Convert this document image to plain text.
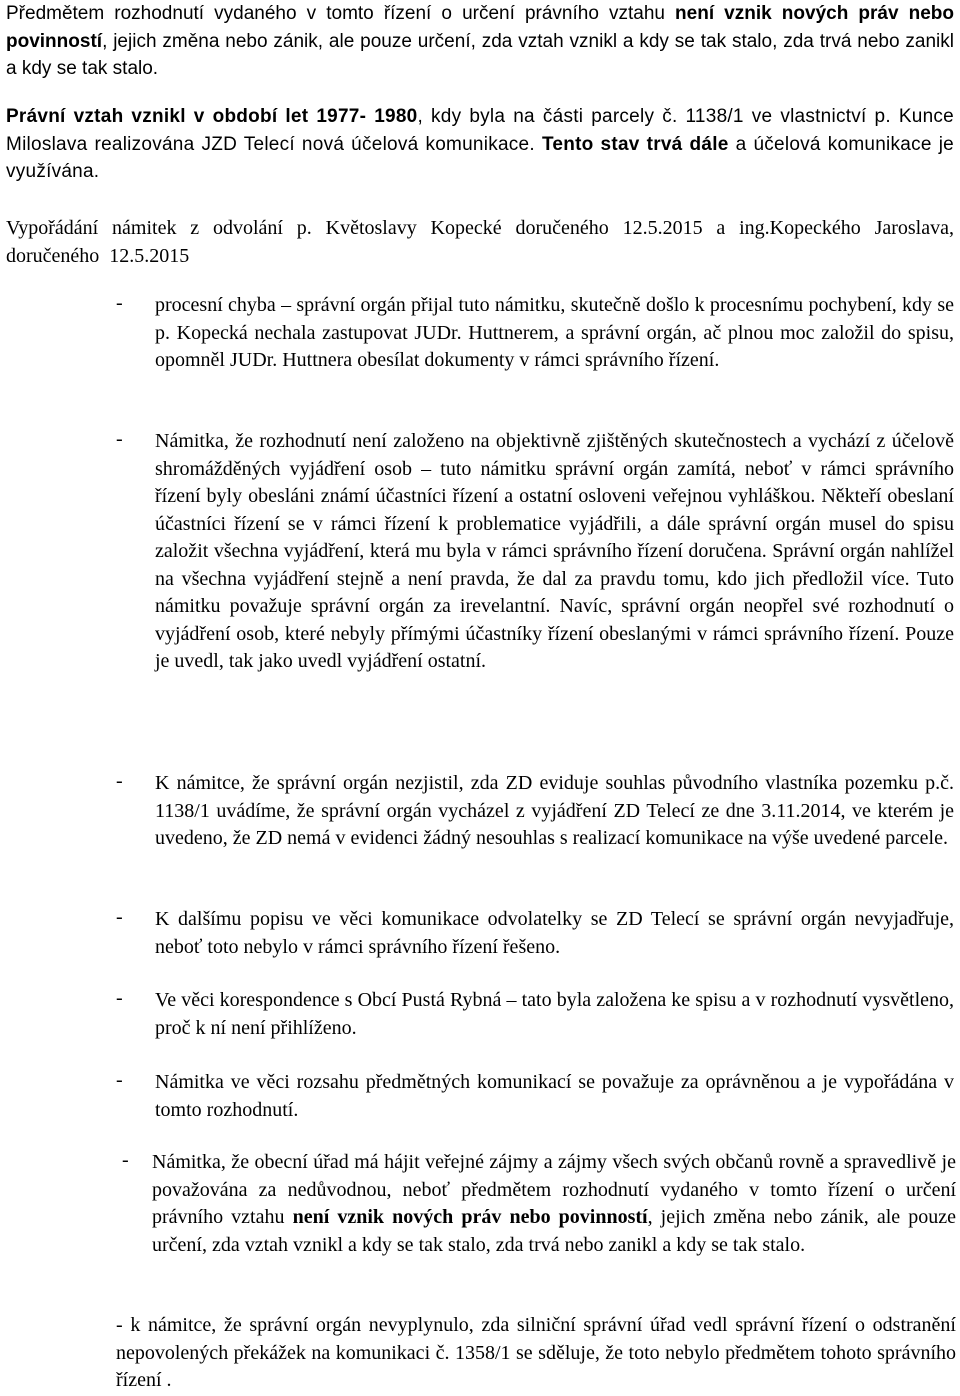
Předmětem rozhodnutí vydaného v tomto řízení o určení právního vztahu není vznik nových práv nebo povinností, jejich změna nebo zánik, ale pouze určení, zda vztah vznikl a kdy se tak stalo, zda trvá nebo zanikl a kdy se tak stalo.

Právní vztah vznikl v období let 1977- 1980, kdy byla na části parcely č. 1138/1 ve vlastnictví p. Kunce Miloslava realizována JZD Telecí nová účelová komunikace. Tento stav trvá dále a účelová komunikace je využívána.

Vypořádání námitek z odvolání p. Květoslavy Kopecké doručeného 12.5.2015 a ing.Kopeckého Jaroslava, doručeného 12.5.2015

-	procesní chyba – správní orgán přijal tuto námitku, skutečně došlo k procesnímu pochybení, kdy se p. Kopecká nechala zastupovat JUDr. Huttnerem, a správní orgán, ač plnou moc založil do spisu, opomněl JUDr. Huttnera obesílat dokumenty v rámci správního řízení.

-	Námitka, že rozhodnutí není založeno na objektivně zjištěných skutečnostech a vychází z účelově shromážděných vyjádření osob – tuto námitku správní orgán zamítá, neboť v rámci správního řízení byly obesláni známí účastníci řízení a ostatní osloveni veřejnou vyhláškou. Někteří obeslaní účastníci řízení se v rámci řízení k problematice vyjádřili, a dále správní orgán musel do spisu založit všechna vyjádření, která mu byla v rámci správního řízení doručena. Správní orgán nahlížel na všechna vyjádření stejně a není pravda, že dal za pravdu tomu, kdo jich předložil více. Tuto námitku považuje správní orgán za irevelantní. Navíc, správní orgán neopřel své rozhodnutí o vyjádření osob, které nebyly přímými účastníky řízení obeslanými v rámci správního řízení. Pouze je uvedl, tak jako uvedl vyjádření ostatní.

-	K námitce, že správní orgán nezjistil, zda ZD eviduje souhlas původního vlastníka pozemku p.č. 1138/1 uvádíme, že správní orgán vycházel z vyjádření ZD Telecí ze dne 3.11.2014, ve kterém je uvedeno, že ZD nemá v evidenci žádný nesouhlas s realizací komunikace na výše uvedené parcele.

-	K dalšímu popisu ve věci komunikace odvolatelky se ZD Telecí se správní orgán nevyjadřuje, neboť toto nebylo v rámci správního řízení řešeno.

-	Ve věci korespondence s Obcí Pustá Rybná – tato byla založena ke spisu a v rozhodnutí vysvětleno, proč k ní není přihlíženo.

-	Námitka ve věci rozsahu předmětných komunikací se považuje za oprávněnou a je vypořádána v tomto rozhodnutí.

-	Námitka, že obecní úřad má hájit veřejné zájmy a zájmy všech svých občanů rovně a spravedlivě je považována za nedůvodnou, neboť předmětem rozhodnutí vydaného v tomto řízení o určení právního vztahu není vznik nových práv nebo povinností, jejich změna nebo zánik, ale pouze určení, zda vztah vznikl a kdy se tak stalo, zda trvá nebo zanikl a kdy se tak stalo.

- k námitce, že správní orgán nevyplynulo, zda silniční správní úřad vedl správní řízení o odstranění nepovolených překážek na komunikaci č. 1358/1 se sděluje, že toto nebylo předmětem tohoto správního řízení .
